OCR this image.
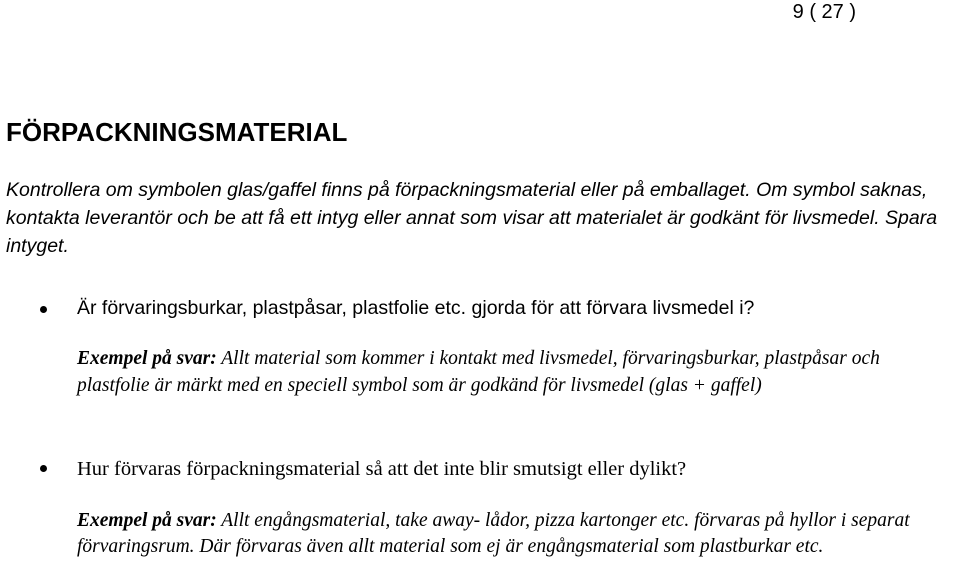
9 ( 27 )
FÖRPACKNINGSMATERIAL

Kontrollera om symbolen glas/gaffel finns på förpackningsmaterial eller på emballaget. Om symbol saknas, kontakta leverantör och be att få ett intyg eller annat som visar att materialet är godkänt för livsmedel. Spara intyget.

Är förvaringsburkar, plastpåsar, plastfolie etc. gjorda för att förvara livsmedel i?

Exempel på svar: Allt material som kommer i kontakt med livsmedel, förvaringsburkar, plastpåsar och plastfolie är märkt med en speciell symbol som är godkänd för livsmedel (glas + gaffel)

Hur förvaras förpackningsmaterial så att det inte blir smutsigt eller dylikt?

Exempel på svar: Allt engångsmaterial, take away- lådor, pizza kartonger etc. förvaras på hyllor i separat förvaringsrum. Där förvaras även allt material som ej är engångsmaterial som plastburkar etc.
